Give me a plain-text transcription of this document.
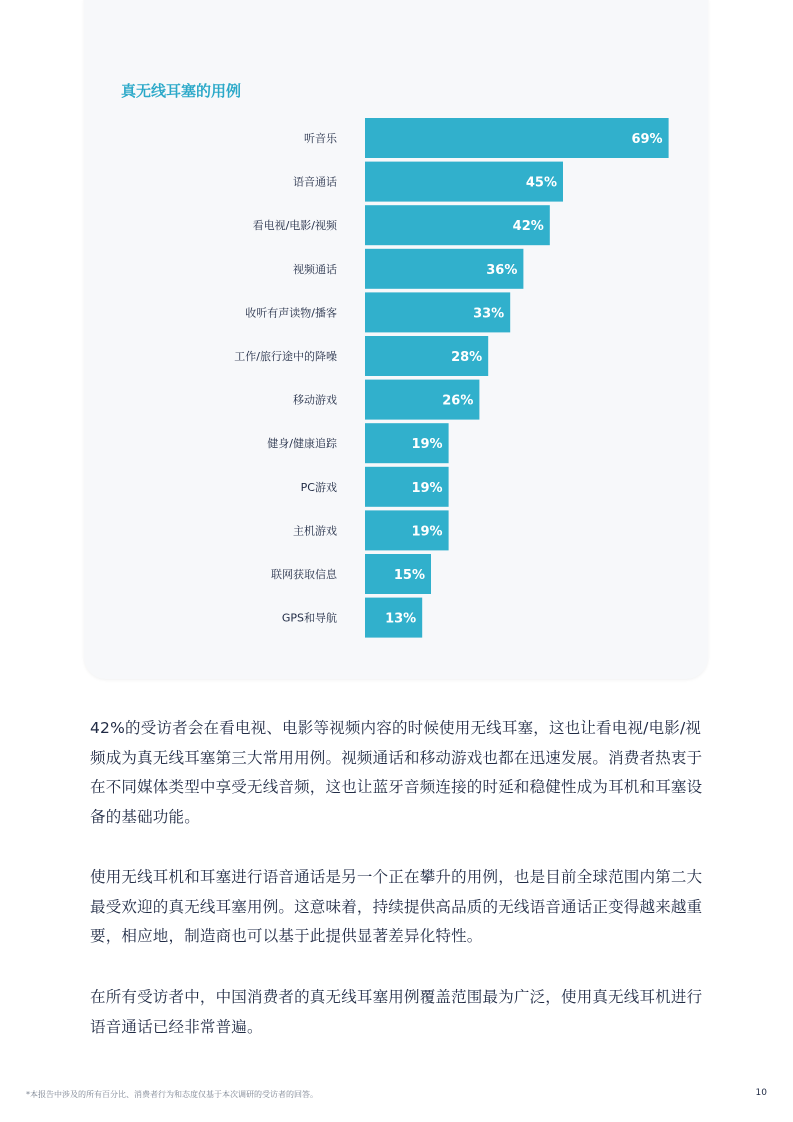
真无线耳塞的用例
听音乐	69%
语音通话	45%
看电视/电影/视频	42%
视频通话	36%
收听有声读物/播客	33%
工作/旅行途中的降噪	28%
移动游戏	26%
健身/健康追踪	19%
PC游戏	19%
主机游戏	19%
联网获取信息	15%
GPS和导航	13%
42%的受访者会在看电视、电影等视频内容的时候使用无线耳塞，这也让看电视/电影/视频成为真无线耳塞第三大常用用例。视频通话和移动游戏也都在迅速发展。消费者热衷于在不同媒体类型中享受无线音频，这也让蓝牙音频连接的时延和稳健性成为耳机和耳塞设备的基础功能。
使用无线耳机和耳塞进行语音通话是另一个正在攀升的用例，也是目前全球范围内第二大最受欢迎的真无线耳塞用例。这意味着，持续提供高品质的无线语音通话正变得越来越重要，相应地，制造商也可以基于此提供显著差异化特性。
在所有受访者中，中国消费者的真无线耳塞用例覆盖范围最为广泛，使用真无线耳机进行语音通话已经非常普遍。
*本报告中涉及的所有百分比、消费者行为和态度仅基于本次调研的受访者的回答。	10
